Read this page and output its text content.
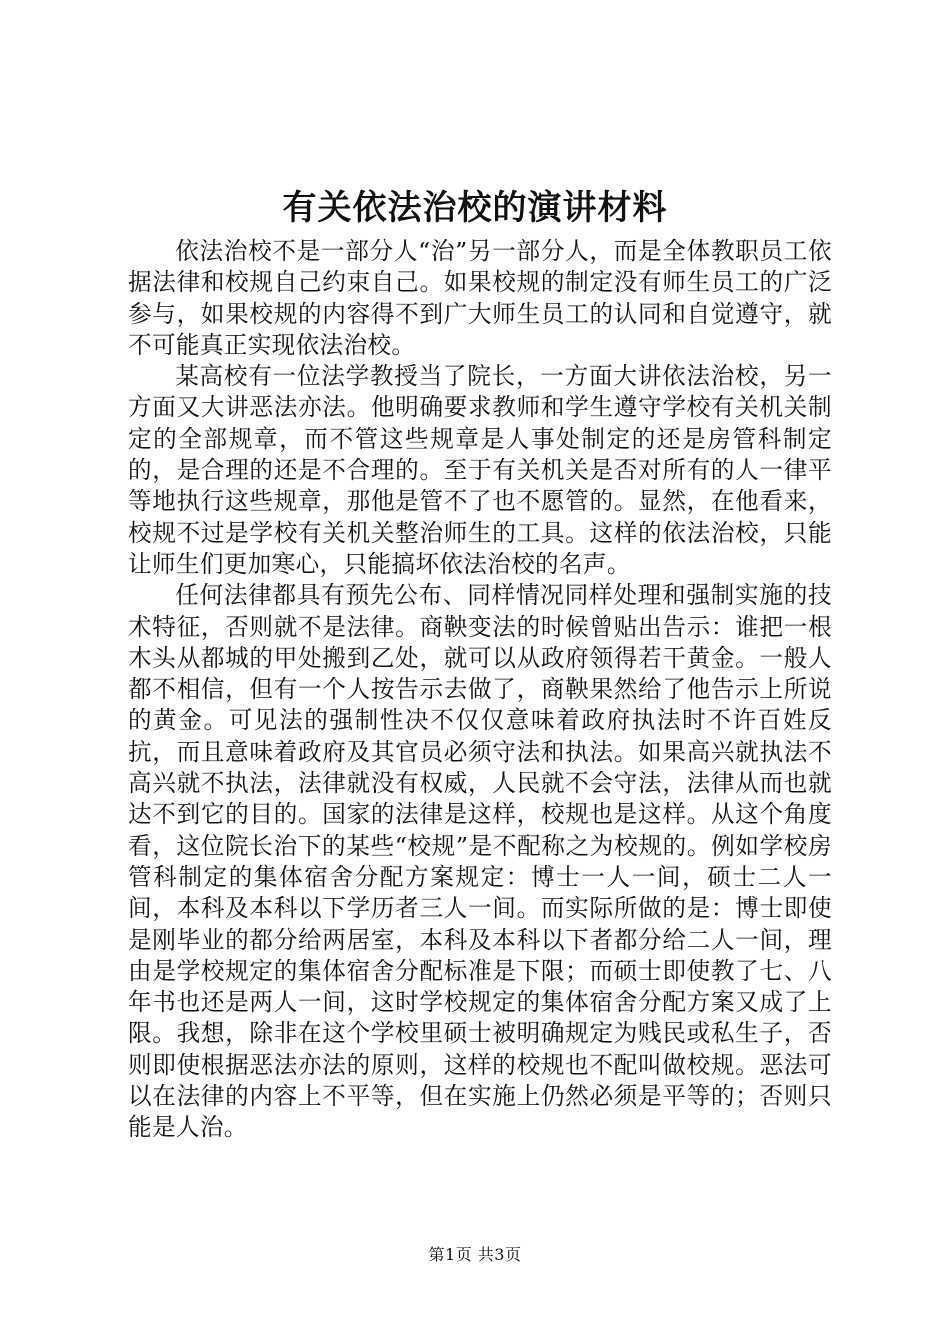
有关依法治校的演讲材料

依法治校不是一部分人“治”另一部分人，而是全体教职员工依据法律和校规自己约束自己。如果校规的制定没有师生员工的广泛参与，如果校规的内容得不到广大师生员工的认同和自觉遵守，就不可能真正实现依法治校。

某高校有一位法学教授当了院长，一方面大讲依法治校，另一方面又大讲恶法亦法。他明确要求教师和学生遵守学校有关机关制定的全部规章，而不管这些规章是人事处制定的还是房管科制定的，是合理的还是不合理的。至于有关机关是否对所有的人一律平等地执行这些规章，那他是管不了也不愿管的。显然，在他看来，校规不过是学校有关机关整治师生的工具。这样的依法治校，只能让师生们更加寒心，只能搞坏依法治校的名声。

任何法律都具有预先公布、同样情况同样处理和强制实施的技术特征，否则就不是法律。商鞅变法的时候曾贴出告示：谁把一根木头从都城的甲处搬到乙处，就可以从政府领得若干黄金。一般人都不相信，但有一个人按告示去做了，商鞅果然给了他告示上所说的黄金。可见法的强制性决不仅仅意味着政府执法时不许百姓反抗，而且意味着政府及其官员必须守法和执法。如果高兴就执法不高兴就不执法，法律就没有权威，人民就不会守法，法律从而也就达不到它的目的。国家的法律是这样，校规也是这样。从这个角度看，这位院长治下的某些“校规”是不配称之为校规的。例如学校房管科制定的集体宿舍分配方案规定：博士一人一间，硕士二人一间，本科及本科以下学历者三人一间。而实际所做的是：博士即使是刚毕业的都分给两居室，本科及本科以下者都分给二人一间，理由是学校规定的集体宿舍分配标准是下限；而硕士即使教了七、八年书也还是两人一间，这时学校规定的集体宿舍分配方案又成了上限。我想，除非在这个学校里硕士被明确规定为贱民或私生子，否则即使根据恶法亦法的原则，这样的校规也不配叫做校规。恶法可以在法律的内容上不平等，但在实施上仍然必须是平等的；否则只能是人治。

第1页 共3页
